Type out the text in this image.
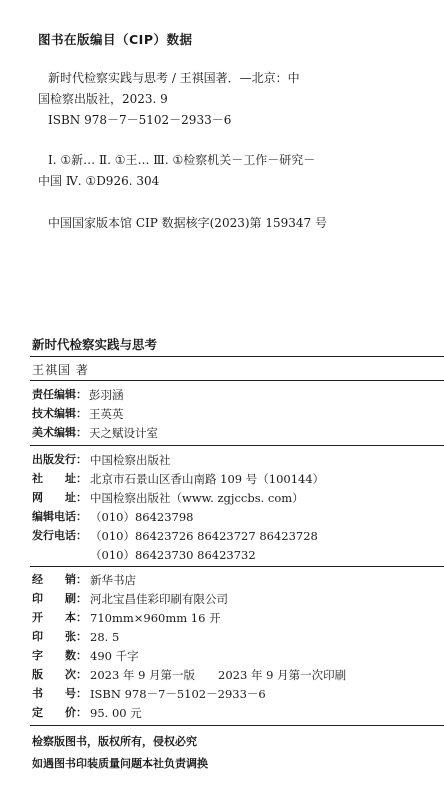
图书在版编目（CIP）数据

新时代检察实践与思考 / 王祺国著．—北京：中

国检察出版社，2023. 9

ISBN 978－7－5102－2933－6

Ⅰ. ①新… Ⅱ. ①王… Ⅲ. ①检察机关－工作－研究－

中国 Ⅳ. ①D926. 304

中国国家版本馆 CIP 数据核字(2023)第 159347 号

新时代检察实践与思考
王祺国 著
责任编辑： 彭羽涵
技术编辑： 王英英
美术编辑： 天之赋设计室
出版发行： 中国检察出版社
社　　址： 北京市石景山区香山南路 109 号（100144）
网　　址： 中国检察出版社（www. zgjccbs. com）
编辑电话： （010）86423798
发行电话： （010）86423726 86423727 86423728
（010）86423730 86423732
经　　销： 新华书店
印　　刷： 河北宝昌佳彩印刷有限公司
开　　本： 710mm×960mm 16 开
印　　张： 28. 5
字　　数： 490 千字
版　　次： 2023 年 9 月第一版　　2023 年 9 月第一次印刷
书　　号： ISBN 978－7－5102－2933－6
定　　价： 95. 00 元
检察版图书，版权所有，侵权必究
如遇图书印装质量问题本社负责调换
